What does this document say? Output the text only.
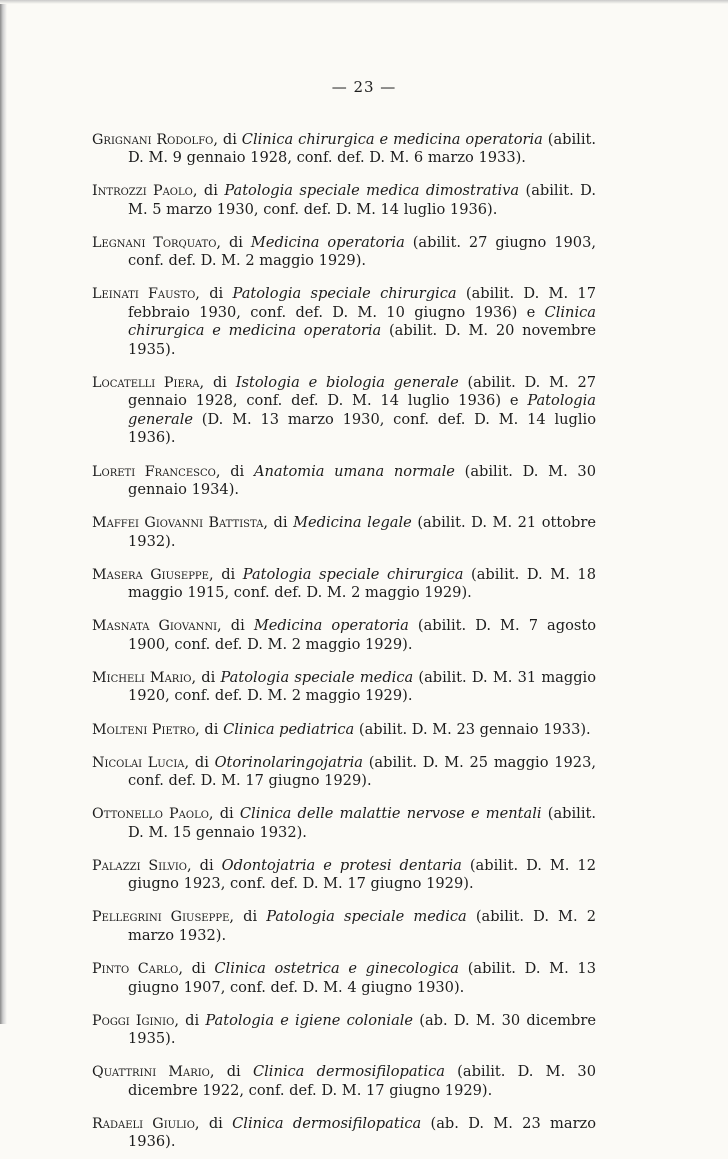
— 23 —

Grignani Rodolfo, di Clinica chirurgica e medicina operatoria (abilit. D. M. 9 gennaio 1928, conf. def. D. M. 6 marzo 1933).

Introzzi Paolo, di Patologia speciale medica dimostrativa (abilit. D. M. 5 marzo 1930, conf. def. D. M. 14 luglio 1936).

Legnani Torquato, di Medicina operatoria (abilit. 27 giugno 1903, conf. def. D. M. 2 maggio 1929).

Leinati Fausto, di Patologia speciale chirurgica (abilit. D. M. 17 febbraio 1930, conf. def. D. M. 10 giugno 1936) e Clinica chirurgica e medicina operatoria (abilit. D. M. 20 novembre 1935).

Locatelli Piera, di Istologia e biologia generale (abilit. D. M. 27 gennaio 1928, conf. def. D. M. 14 luglio 1936) e Patologia generale (D. M. 13 marzo 1930, conf. def. D. M. 14 luglio 1936).

Loreti Francesco, di Anatomia umana normale (abilit. D. M. 30 gennaio 1934).

Maffei Giovanni Battista, di Medicina legale (abilit. D. M. 21 ottobre 1932).

Masera Giuseppe, di Patologia speciale chirurgica (abilit. D. M. 18 maggio 1915, conf. def. D. M. 2 maggio 1929).

Masnata Giovanni, di Medicina operatoria (abilit. D. M. 7 agosto 1900, conf. def. D. M. 2 maggio 1929).

Micheli Mario, di Patologia speciale medica (abilit. D. M. 31 maggio 1920, conf. def. D. M. 2 maggio 1929).

Molteni Pietro, di Clinica pediatrica (abilit. D. M. 23 gennaio 1933).

Nicolai Lucia, di Otorinolaringojatria (abilit. D. M. 25 maggio 1923, conf. def. D. M. 17 giugno 1929).

Ottonello Paolo, di Clinica delle malattie nervose e mentali (abilit. D. M. 15 gennaio 1932).

Palazzi Silvio, di Odontojatria e protesi dentaria (abilit. D. M. 12 giugno 1923, conf. def. D. M. 17 giugno 1929).

Pellegrini Giuseppe, di Patologia speciale medica (abilit. D. M. 2 marzo 1932).

Pinto Carlo, di Clinica ostetrica e ginecologica (abilit. D. M. 13 giugno 1907, conf. def. D. M. 4 giugno 1930).

Poggi Iginio, di Patologia e igiene coloniale (ab. D. M. 30 dicembre 1935).

Quattrini Mario, di Clinica dermosifilopatica (abilit. D. M. 30 dicembre 1922, conf. def. D. M. 17 giugno 1929).

Radaeli Giulio, di Clinica dermosifilopatica (ab. D. M. 23 marzo 1936).
